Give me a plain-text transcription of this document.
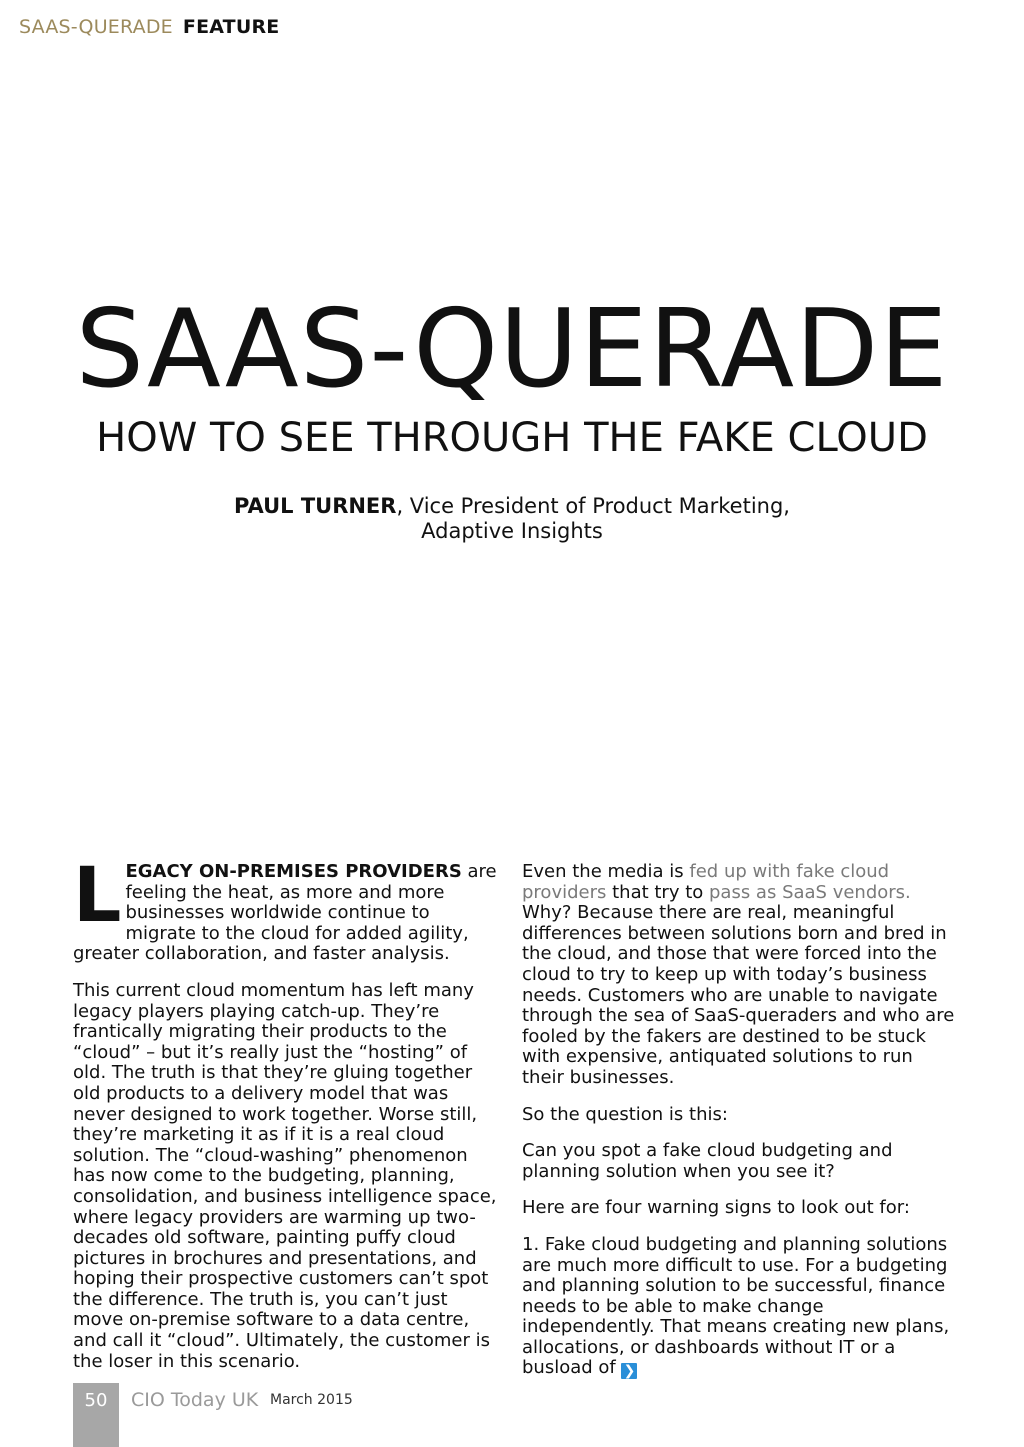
SAAS-QUERADE FEATURE
SAAS-QUERADE
HOW TO SEE THROUGH THE FAKE CLOUD
PAUL TURNER, Vice President of Product Marketing, Adaptive Insights

LEGACY ON-PREMISES PROVIDERS are feeling the heat, as more and more businesses worldwide continue to migrate to the cloud for added agility, greater collaboration, and faster analysis.

This current cloud momentum has left many legacy players playing catch-up. They’re frantically migrating their products to the “cloud” – but it’s really just the “hosting” of old. The truth is that they’re gluing together old products to a delivery model that was never designed to work together. Worse still, they’re marketing it as if it is a real cloud solution. The “cloud-washing” phenomenon has now come to the budgeting, planning, consolidation, and business intelligence space, where legacy providers are warming up two-decades old software, painting puffy cloud pictures in brochures and presentations, and hoping their prospective customers can’t spot the difference. The truth is, you can’t just move on-premise software to a data centre, and call it “cloud”. Ultimately, the customer is the loser in this scenario.

Even the media is fed up with fake cloud providers that try to pass as SaaS vendors. Why? Because there are real, meaningful differences between solutions born and bred in the cloud, and those that were forced into the cloud to try to keep up with today’s business needs. Customers who are unable to navigate through the sea of SaaS-queraders and who are fooled by the fakers are destined to be stuck with expensive, antiquated solutions to run their businesses.

So the question is this:

Can you spot a fake cloud budgeting and planning solution when you see it?

Here are four warning signs to look out for:

1. Fake cloud budgeting and planning solutions are much more difficult to use. For a budgeting and planning solution to be successful, finance needs to be able to make change independently. That means creating new plans, allocations, or dashboards without IT or a busload of ❯

50	CIO Today UK March 2015
